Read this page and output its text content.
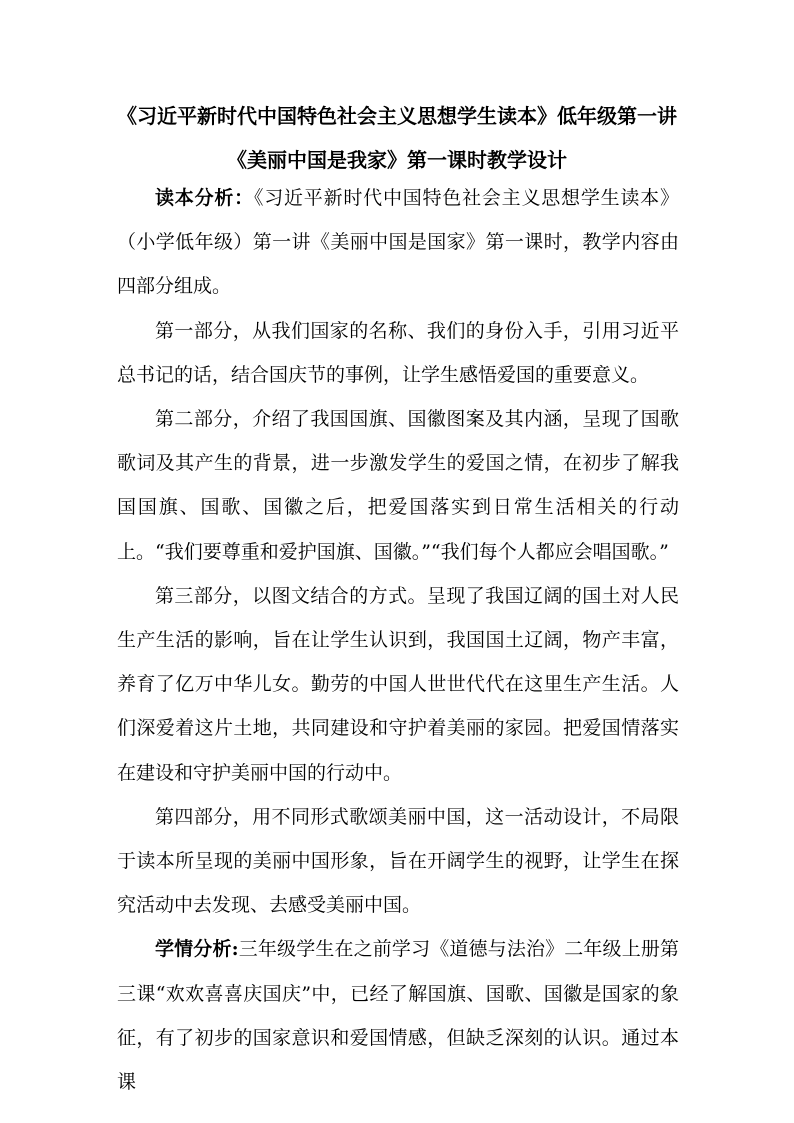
《习近平新时代中国特色社会主义思想学生读本》低年级第一讲
《美丽中国是我家》第一课时教学设计

读本分析：《习近平新时代中国特色社会主义思想学生读本》（小学低年级）第一讲《美丽中国是国家》第一课时，教学内容由四部分组成。

第一部分，从我们国家的名称、我们的身份入手，引用习近平总书记的话，结合国庆节的事例，让学生感悟爱国的重要意义。

第二部分，介绍了我国国旗、国徽图案及其内涵，呈现了国歌歌词及其产生的背景，进一步激发学生的爱国之情，在初步了解我国国旗、国歌、国徽之后，把爱国落实到日常生活相关的行动上。“我们要尊重和爱护国旗、国徽。”“我们每个人都应会唱国歌。”

第三部分，以图文结合的方式。呈现了我国辽阔的国土对人民生产生活的影响，旨在让学生认识到，我国国土辽阔，物产丰富，养育了亿万中华儿女。勤劳的中国人世世代代在这里生产生活。人们深爱着这片土地，共同建设和守护着美丽的家园。把爱国情落实在建设和守护美丽中国的行动中。

第四部分，用不同形式歌颂美丽中国，这一活动设计，不局限于读本所呈现的美丽中国形象，旨在开阔学生的视野，让学生在探究活动中去发现、去感受美丽中国。

学情分析:三年级学生在之前学习《道德与法治》二年级上册第三课“欢欢喜喜庆国庆”中，已经了解国旗、国歌、国徽是国家的象征，有了初步的国家意识和爱国情感，但缺乏深刻的认识。通过本课
